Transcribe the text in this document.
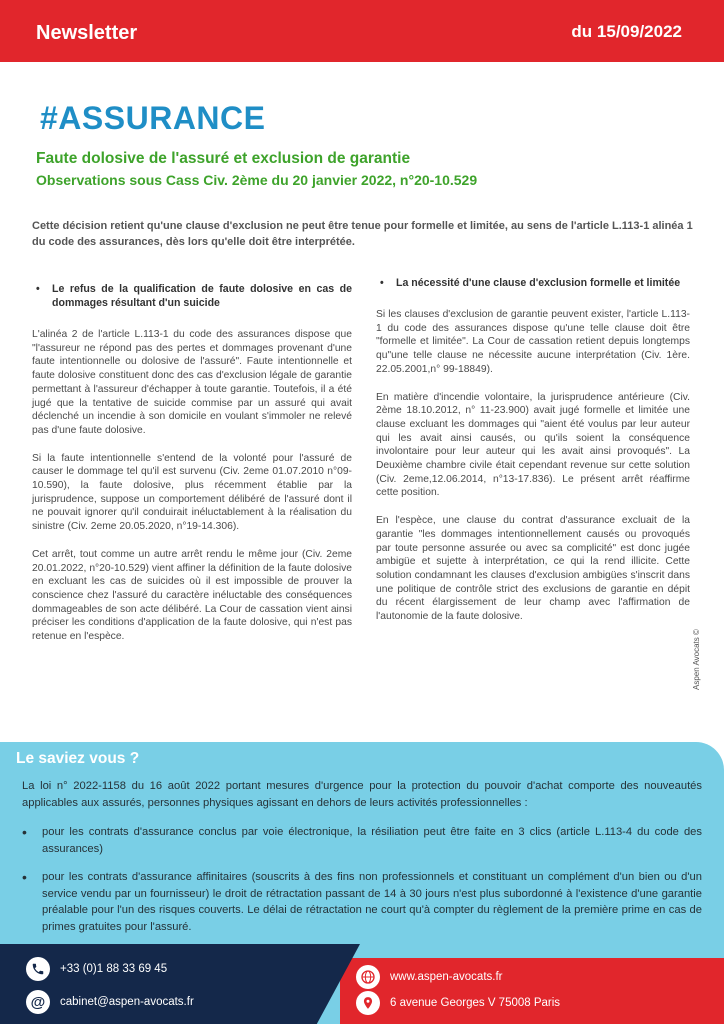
Newsletter	du 15/09/2022
#ASSURANCE
Faute dolosive de l'assuré et exclusion de garantie
Observations sous Cass Civ. 2ème du 20 janvier 2022, n°20-10.529
Cette décision retient qu'une clause d'exclusion ne peut être tenue pour formelle et limitée, au sens de l'article L.113-1 alinéa 1 du code des assurances, dès lors qu'elle doit être interprétée.
•	Le refus de la qualification de faute dolosive en cas de dommages résultant d'un suicide

L'alinéa 2 de l'article L.113-1 du code des assurances dispose que "l'assureur ne répond pas des pertes et dommages provenant d'une faute intentionnelle ou dolosive de l'assuré". Faute intentionnelle et faute dolosive constituent donc des cas d'exclusion légale de garantie permettant à l'assureur d'échapper à toute garantie. Toutefois, il a été jugé que la tentative de suicide commise par un assuré qui avait déclenché un incendie à son domicile en voulant s'immoler ne relevé pas d'une faute dolosive.

Si la faute intentionnelle s'entend de la volonté pour l'assuré de causer le dommage tel qu'il est survenu (Civ. 2eme 01.07.2010 n°09-10.590), la faute dolosive, plus récemment établie par la jurisprudence, suppose un comportement délibéré de l'assuré dont il ne pouvait ignorer qu'il conduirait inéluctablement à la réalisation du sinistre (Civ. 2eme 20.05.2020, n°19-14.306).

Cet arrêt, tout comme un autre arrêt rendu le même jour (Civ. 2eme 20.01.2022, n°20-10.529) vient affiner la définition de la faute dolosive en excluant les cas de suicides où il est impossible de prouver la conscience chez l'assuré du caractère inéluctable des conséquences dommageables de son acte délibéré. La Cour de cassation vient ainsi préciser les conditions d'application de la faute dolosive, qui n'est pas retenue en l'espèce.

•	La nécessité d'une clause d'exclusion formelle et limitée

Si les clauses d'exclusion de garantie peuvent exister, l'article L.113-1 du code des assurances dispose qu'une telle clause doit être "formelle et limitée". La Cour de cassation retient depuis longtemps qu"une telle clause ne nécessite aucune interprétation (Civ. 1ère. 22.05.2001,n° 99-18849).

En matière d'incendie volontaire, la jurisprudence antérieure (Civ. 2ème 18.10.2012, n° 11-23.900) avait jugé formelle et limitée une clause excluant les dommages qui "aient été voulus par leur auteur qui les avait ainsi causés, ou qu'ils soient la conséquence involontaire pour leur auteur qui les avait ainsi provoqués". La Deuxième chambre civile était cependant revenue sur cette solution (Civ. 2eme,12.06.2014, n°13-17.836). Le présent arrêt réaffirme cette position.

En l'espèce, une clause du contrat d'assurance excluait de la garantie "les dommages intentionnellement causés ou provoqués par toute personne assurée ou avec sa complicité" est donc jugée ambigüe et sujette à interprétation, ce qui la rend illicite. Cette solution condamnant les clauses d'exclusion ambigües s'inscrit dans une politique de contrôle strict des exclusions de garantie en dépit du récent élargissement de leur champ avec l'affirmation de l'autonomie de la faute dolosive.

Aspen Avocats ©
Le saviez vous ?
La loi n° 2022-1158 du 16 août 2022 portant mesures d'urgence pour la protection du pouvoir d'achat comporte des nouveautés applicables aux assurés, personnes physiques agissant en dehors de leurs activités professionnelles :
•	pour les contrats d'assurance conclus par voie électronique, la résiliation peut être faite en 3 clics (article L.113-4 du code des assurances)
•	pour les contrats d'assurance affinitaires (souscrits à des fins non professionnels et constituant un complément d'un bien ou d'un service vendu par un fournisseur) le droit de rétractation passant de 14 à 30 jours n'est plus subordonné à l'existence d'une garantie préalable pour l'un des risques couverts. Le délai de rétractation ne court qu'à compter du règlement de la première prime en cas de primes gratuites pour l'assuré.
+33 (0)1 88 33 69 45
@ cabinet@aspen-avocats.fr
www.aspen-avocats.fr
6 avenue Georges V 75008 Paris
